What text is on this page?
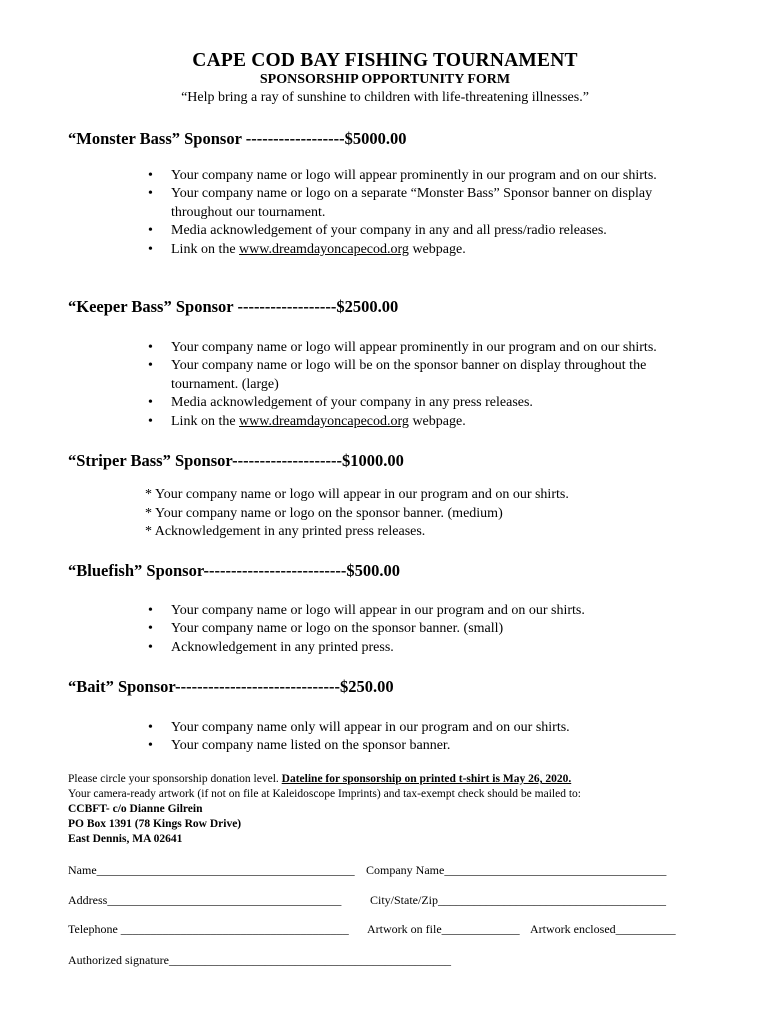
CAPE COD BAY FISHING TOURNAMENT
SPONSORSHIP OPPORTUNITY FORM
“Help bring a ray of sunshine to children with life-threatening illnesses.”
“Monster Bass” Sponsor ------------------$5000.00
• Your company name or logo will appear prominently in our program and on our shirts.
• Your company name or logo on a separate “Monster Bass” Sponsor banner on display throughout our tournament.
• Media acknowledgement of your company in any and all press/radio releases.
• Link on the www.dreamdayoncapecod.org webpage.
“Keeper Bass” Sponsor ------------------$2500.00
• Your company name or logo will appear prominently in our program and on our shirts.
• Your company name or logo will be on the sponsor banner on display throughout the tournament. (large)
• Media acknowledgement of your company in any press releases.
• Link on the www.dreamdayoncapecod.org webpage.
“Striper Bass” Sponsor--------------------$1000.00
* Your company name or logo will appear in our program and on our shirts.
* Your company name or logo on the sponsor banner. (medium)
* Acknowledgement in any printed press releases.
“Bluefish” Sponsor--------------------------$500.00
• Your company name or logo will appear in our program and on our shirts.
• Your company name or logo on the sponsor banner. (small)
• Acknowledgement in any printed press.
“Bait” Sponsor------------------------------$250.00
• Your company name only will appear in our program and on our shirts.
• Your company name listed on the sponsor banner.
Please circle your sponsorship donation level. Dateline for sponsorship on printed t-shirt is May 26, 2020.
Your camera-ready artwork (if not on file at Kaleidoscope Imprints) and tax-exempt check should be mailed to:
CCBFT- c/o Dianne Gilrein
PO Box 1391 (78 Kings Row Drive)
East Dennis, MA 02641
Name___________________________________________ Company Name_____________________________________
Address_______________________________________ City/State/Zip______________________________________
Telephone ______________________________________ Artwork on file_____________ Artwork enclosed__________
Authorized signature_______________________________________________
